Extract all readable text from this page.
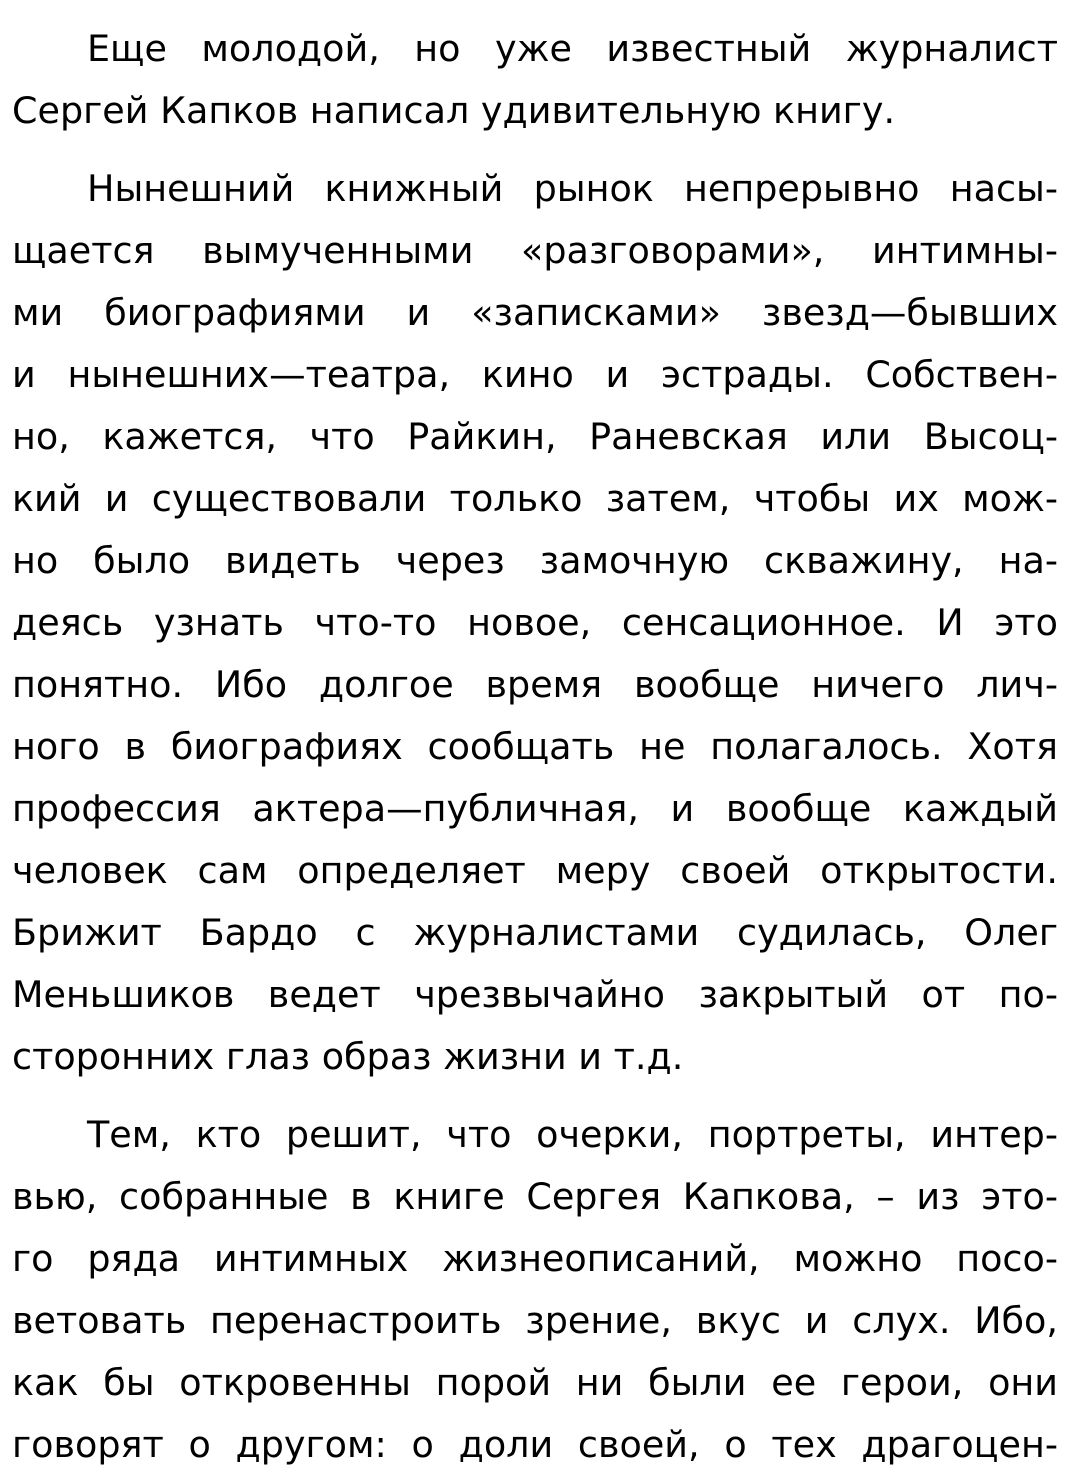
Еще молодой, но уже известный журналист
Сергей Капков написал удивительную книгу.
Нынешний книжный рынок непрерывно насы-
щается вымученными «разговорами», интимны-
ми биографиями и «записками» звезд—бывших
и нынешних—театра, кино и эстрады. Собствен-
но, кажется, что Райкин, Раневская или Высоц-
кий и существовали только затем, чтобы их мож-
но было видеть через замочную скважину, на-
деясь узнать что-то новое, сенсационное. И это
понятно. Ибо долгое время вообще ничего лич-
ного в биографиях сообщать не полагалось. Хотя
профессия актера—публичная, и вообще каждый
человек сам определяет меру своей открытости.
Брижит Бардо с журналистами судилась, Олег
Меньшиков ведет чрезвычайно закрытый от по-
сторонних глаз образ жизни и т.д.
Тем, кто решит, что очерки, портреты, интер-
вью, собранные в книге Сергея Капкова, – из это-
го ряда интимных жизнеописаний, можно посо-
ветовать перенастроить зрение, вкус и слух. Ибо,
как бы откровенны порой ни были ее герои, они
говорят о другом: о доли своей, о тех драгоцен-
